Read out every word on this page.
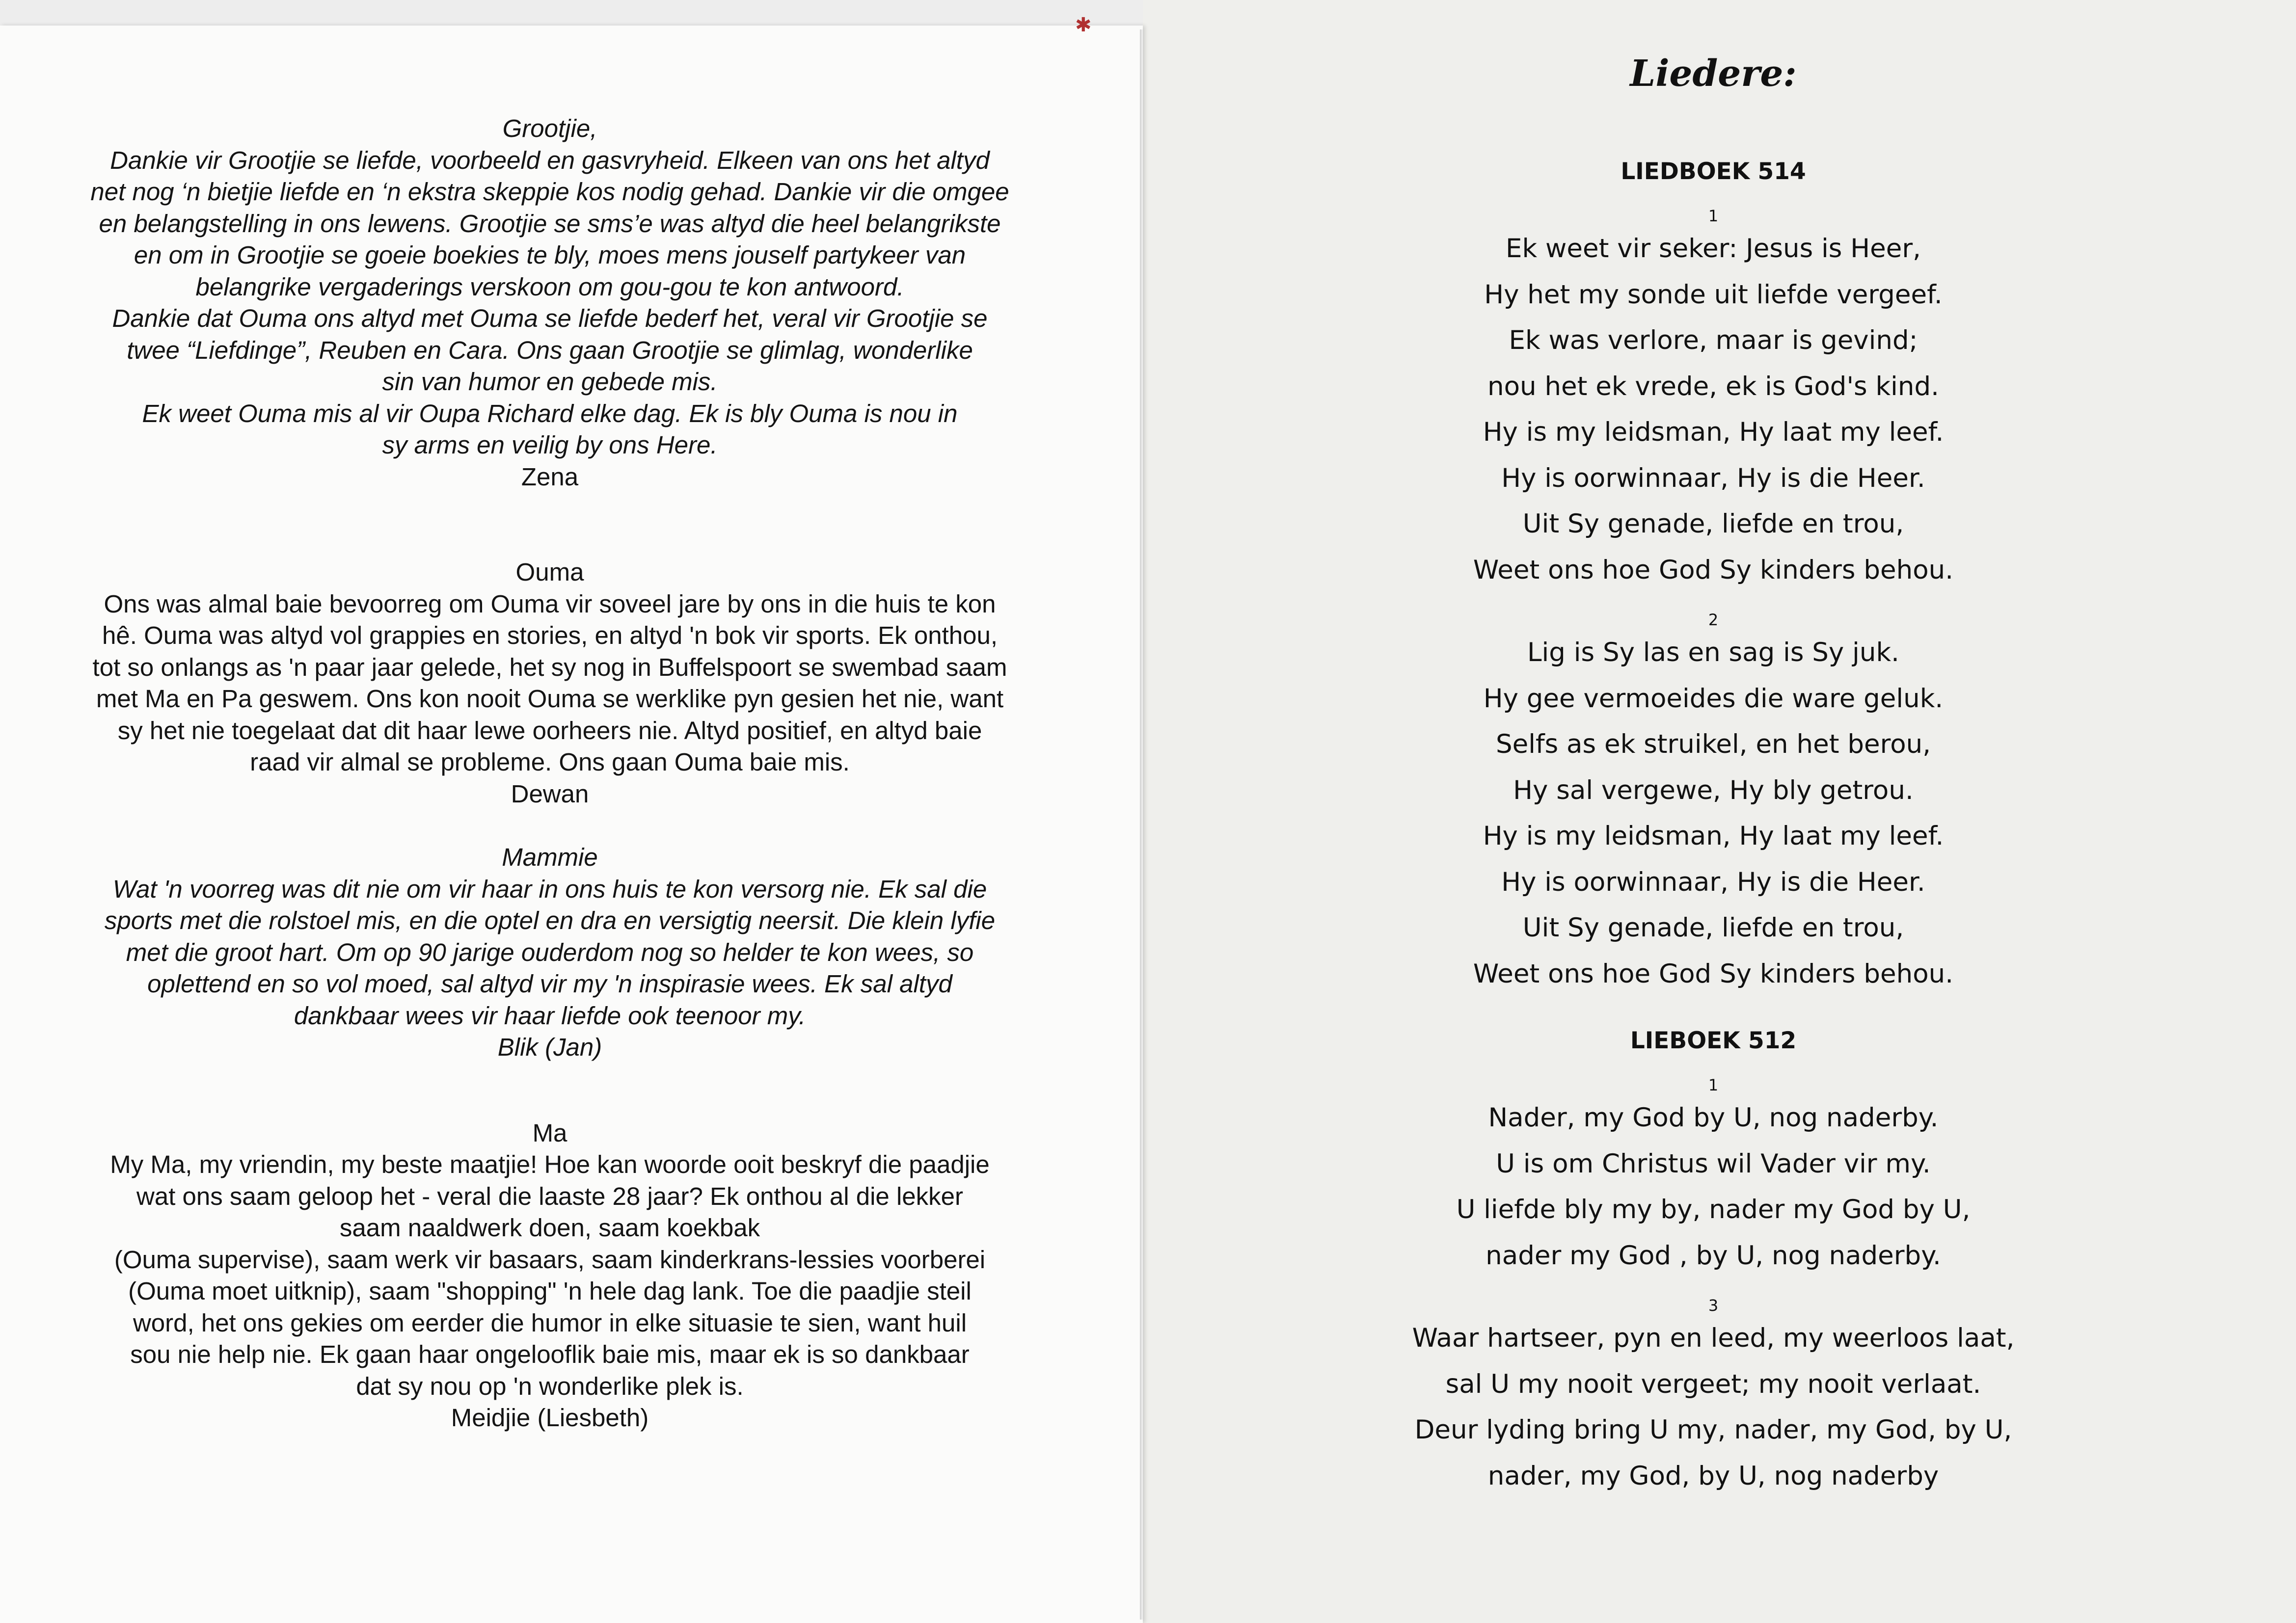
✱

Grootjie,

Dankie vir Grootjie se liefde, voorbeeld en gasvryheid. Elkeen van ons het altyd

net nog ‘n bietjie liefde en ‘n ekstra skeppie kos nodig gehad. Dankie vir die omgee

en belangstelling in ons lewens. Grootjie se sms’e was altyd die heel belangrikste

en om in Grootjie se goeie boekies te bly, moes mens jouself partykeer van

belangrike vergaderings verskoon om gou-gou te kon antwoord.

Dankie dat Ouma ons altyd met Ouma se liefde bederf het, veral vir Grootjie se

twee “Liefdinge”, Reuben en Cara. Ons gaan Grootjie se glimlag, wonderlike

sin van humor en gebede mis.

Ek weet Ouma mis al vir Oupa Richard elke dag. Ek is bly Ouma is nou in

sy arms en veilig by ons Here.

Zena

Ouma

Ons was almal baie bevoorreg om Ouma vir soveel jare by ons in die huis te kon

hê. Ouma was altyd vol grappies en stories, en altyd 'n bok vir sports. Ek onthou,

tot so onlangs as 'n paar jaar gelede, het sy nog in Buffelspoort se swembad saam

met Ma en Pa geswem. Ons kon nooit Ouma se werklike pyn gesien het nie, want

sy het nie toegelaat dat dit haar lewe oorheers nie. Altyd positief, en altyd baie

raad vir almal se probleme. Ons gaan Ouma baie mis.

Dewan

Mammie

Wat 'n voorreg was dit nie om vir haar in ons huis te kon versorg nie. Ek sal die

sports met die rolstoel mis, en die optel en dra en versigtig neersit. Die klein lyfie

met die groot hart. Om op 90 jarige ouderdom nog so helder te kon wees, so

oplettend en so vol moed, sal altyd vir my 'n inspirasie wees. Ek sal altyd

dankbaar wees vir haar liefde ook teenoor my.

Blik (Jan)

Ma

My Ma, my vriendin, my beste maatjie! Hoe kan woorde ooit beskryf die paadjie

wat ons saam geloop het - veral die laaste 28 jaar? Ek onthou al die lekker

saam naaldwerk doen, saam koekbak

(Ouma supervise), saam werk vir basaars, saam kinderkrans-lessies voorberei

(Ouma moet uitknip), saam "shopping" 'n hele dag lank. Toe die paadjie steil

word, het ons gekies om eerder die humor in elke situasie te sien, want huil

sou nie help nie. Ek gaan haar ongelooflik baie mis, maar ek is so dankbaar

dat sy nou op 'n wonderlike plek is.

Meidjie (Liesbeth)

Liedere:
LIEDBOEK 514

1

Ek weet vir seker: Jesus is Heer,

Hy het my sonde uit liefde vergeef.

Ek was verlore, maar is gevind;

nou het ek vrede, ek is God's kind.

Hy is my leidsman, Hy laat my leef.

Hy is oorwinnaar, Hy is die Heer.

Uit Sy genade, liefde en trou,

Weet ons hoe God Sy kinders behou.

2

Lig is Sy las en sag is Sy juk.

Hy gee vermoeides die ware geluk.

Selfs as ek struikel, en het berou,

Hy sal vergewe, Hy bly getrou.

Hy is my leidsman, Hy laat my leef.

Hy is oorwinnaar, Hy is die Heer.

Uit Sy genade, liefde en trou,

Weet ons hoe God Sy kinders behou.

LIEBOEK 512

1

Nader, my God by U, nog naderby.

U is om Christus wil Vader vir my.

U liefde bly my by, nader my God by U,

nader my God , by U, nog naderby.

3

Waar hartseer, pyn en leed, my weerloos laat,

sal U my nooit vergeet; my nooit verlaat.

Deur lyding bring U my, nader, my God, by U,

nader, my God, by U, nog naderby
